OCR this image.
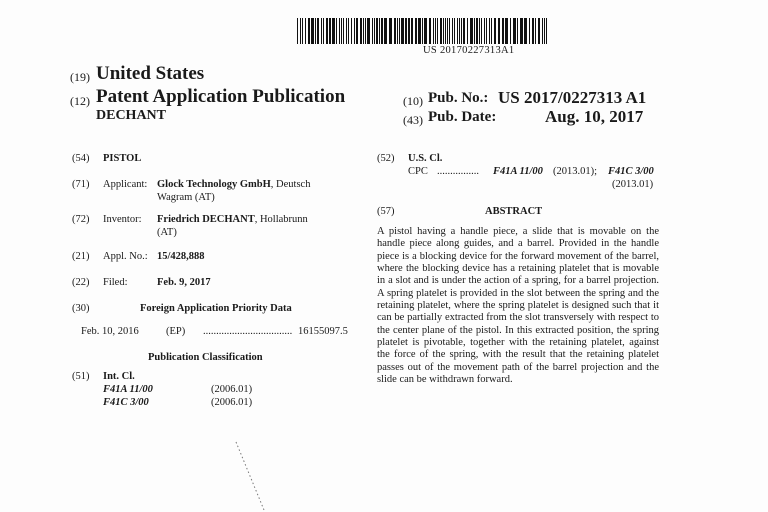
US 20170227313A1
(19) United States
(12) Patent Application Publication
DECHANT
(10) Pub. No.: US 2017/0227313 A1
(43) Pub. Date:	Aug. 10, 2017
(54) PISTOL
(71) Applicant: Glock Technology GmbH, Deutsch
Wagram (AT)
(72) Inventor: Friedrich DECHANT, Hollabrunn
(AT)
(21) Appl. No.: 15/428,888
(22) Filed:	Feb. 9, 2017
(30)	Foreign Application Priority Data
Feb. 10, 2016	(EP) .................................. 16155097.5
Publication Classification
(51) Int. Cl.
F41A 11/00	(2006.01)
F41C 3/00	(2006.01)
(52) U.S. Cl.
CPC ................ F41A 11/00 (2013.01); F41C 3/00
(2013.01)
(57)	ABSTRACT
A pistol having a handle piece, a slide that is movable on the handle piece along guides, and a barrel. Provided in the handle piece is a blocking device for the forward movement of the barrel, where the blocking device has a retaining platelet that is movable in a slot and is under the action of a spring, for a barrel projection. A spring platelet is provided in the slot between the spring and the retaining platelet, where the spring platelet is designed such that it can be partially extracted from the slot transversely with respect to the center plane of the pistol. In this extracted position, the spring platelet is pivotable, together with the retaining platelet, against the force of the spring, with the result that the retaining platelet passes out of the movement path of the barrel projection and the slide can be withdrawn forward.
